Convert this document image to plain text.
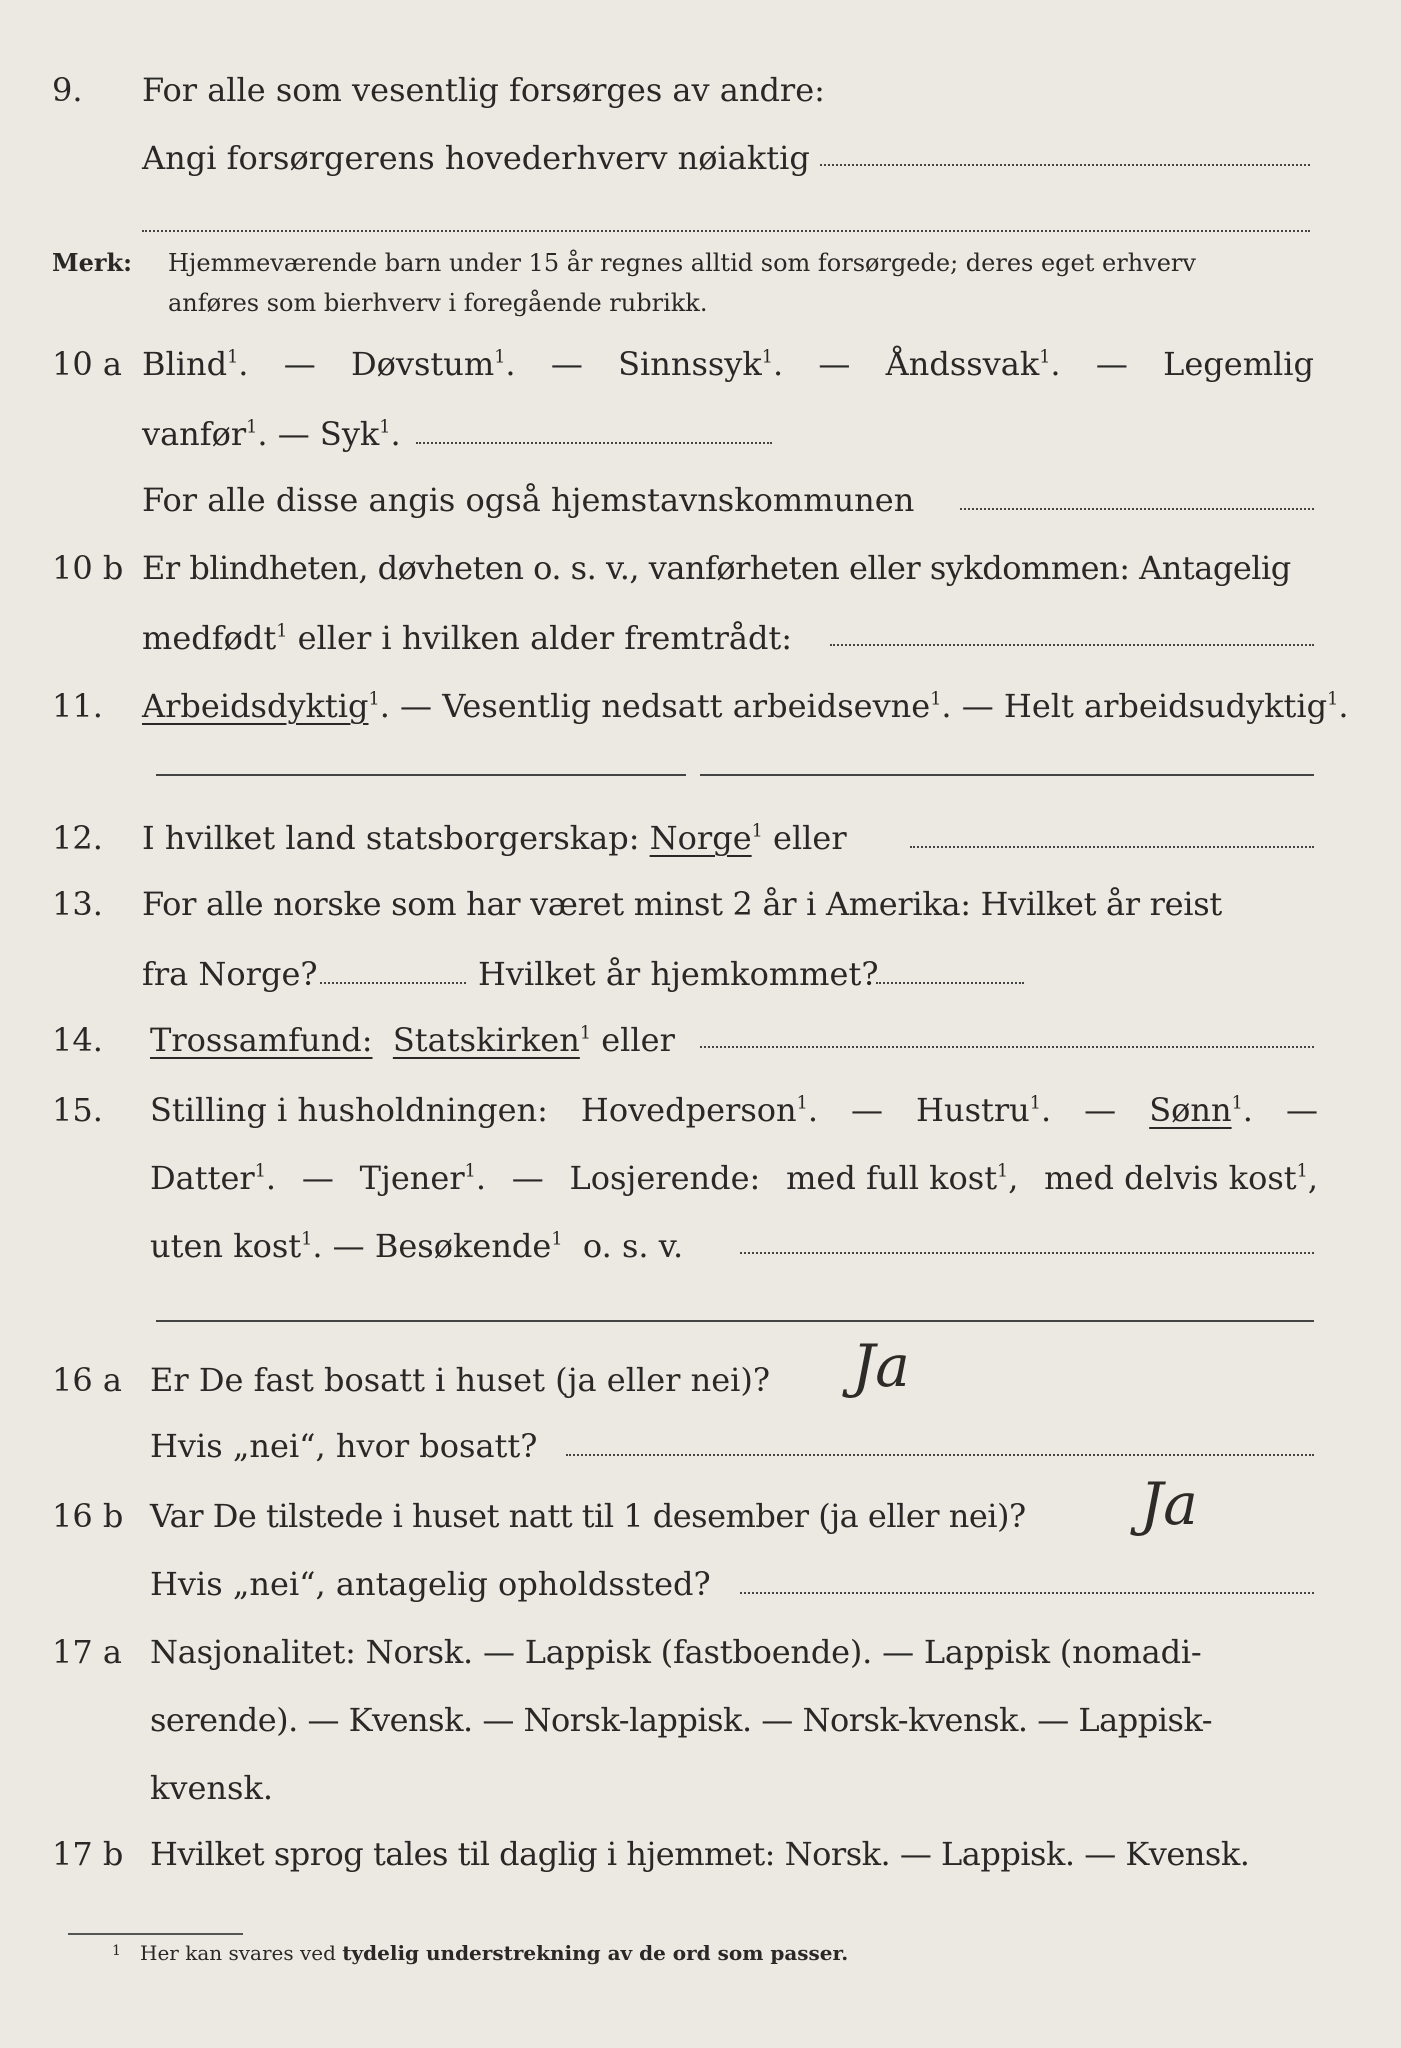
9. For alle som vesentlig forsørges av andre:
Angi forsørgerens hovederhverv nøiaktig
Merk: Hjemmeværende barn under 15 år regnes alltid som forsørgede; deres eget erhverv
anføres som bierhverv i foregående rubrikk.
10 a Blind$^1$. — Døvstum$^1$. — Sinnssyk$^1$. — Åndssvak$^1$. — Legemlig
vanfør$^1$. — Syk$^1$.
For alle disse angis også hjemstavnskommunen
10 b Er blindheten, døvheten o. s. v., vanførheten eller sykdommen: Antagelig
medfødt$^1$ eller i hvilken alder fremtrådt:
11. Arbeidsdyktig$^1$. — Vesentlig nedsatt arbeidsevne$^1$. — Helt arbeidsudyktig$^1$.
12. I hvilket land statsborgerskap: Norge$^1$ eller
13. For alle norske som har været minst 2 år i Amerika: Hvilket år reist
fra Norge?	Hvilket år hjemkommet?
14. Trossamfund: Statskirken$^1$ eller
15. Stilling i husholdningen: Hovedperson$^1$. — Hustru$^1$. — Sønn$^1$. —
Datter$^1$. — Tjener$^1$. — Losjerende: med full kost$^1$, med delvis kost$^1$,
uten kost$^1$. — Besøkende$^1$ o. s. v.
16 a Er De fast bosatt i huset (ja eller nei)? Ja
Hvis „nei“, hvor bosatt?
16 b Var De tilstede i huset natt til 1 desember (ja eller nei)? Ja
Hvis „nei“, antagelig opholdssted?
17 a Nasjonalitet: Norsk. — Lappisk (fastboende). — Lappisk (nomadi-
serende). — Kvensk. — Norsk-lappisk. — Norsk-kvensk. — Lappisk-
kvensk.
17 b Hvilket sprog tales til daglig i hjemmet: Norsk. — Lappisk. — Kvensk.
$^1$ Her kan svares ved tydelig understrekning av de ord som passer.
